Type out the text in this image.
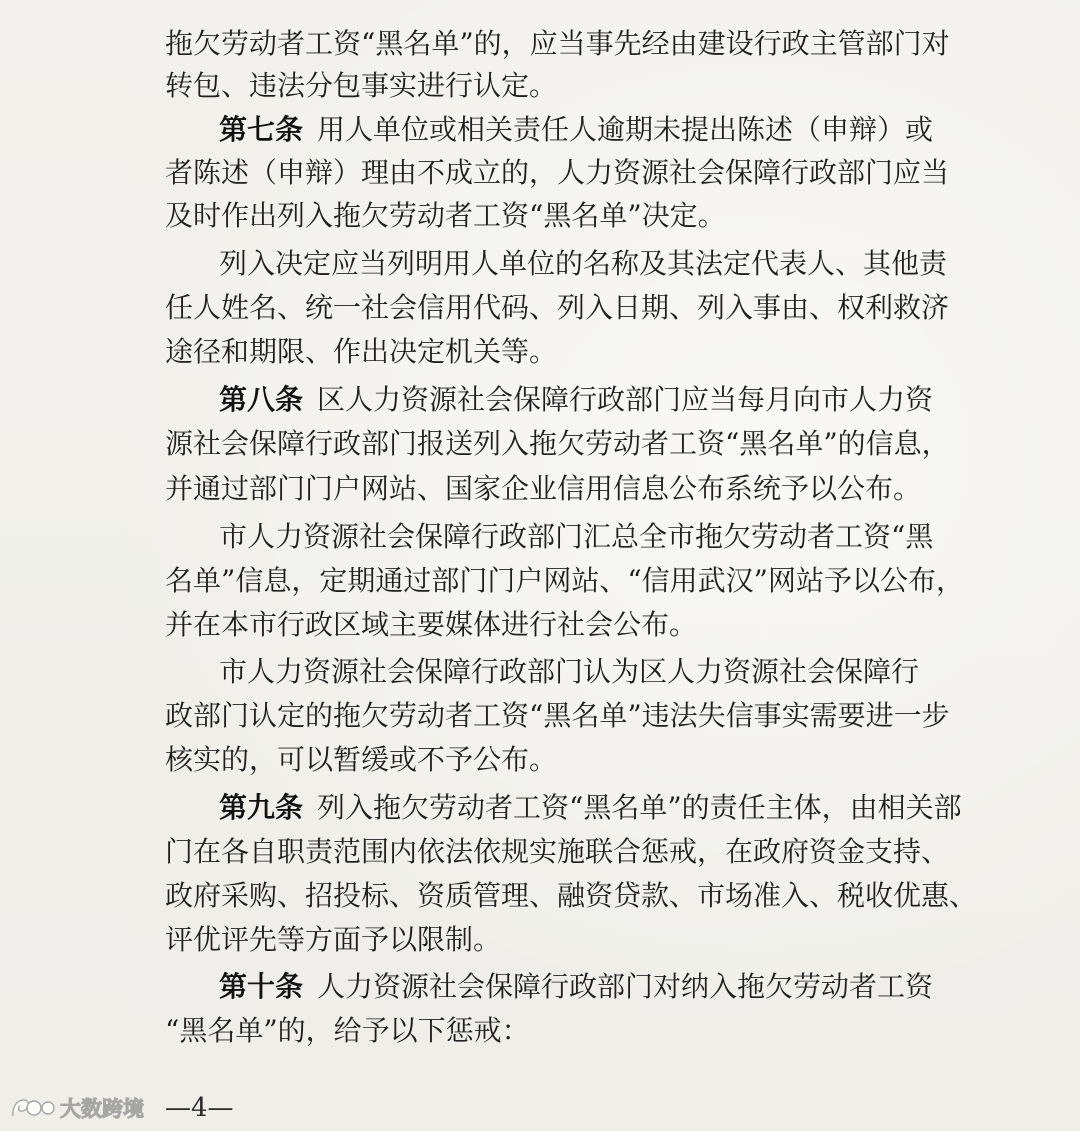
拖欠劳动者工资“黑名单”的，应当事先经由建设行政主管部门对
转包、违法分包事实进行认定。
第七条  用人单位或相关责任人逾期未提出陈述（申辩）或
者陈述（申辩）理由不成立的，人力资源社会保障行政部门应当
及时作出列入拖欠劳动者工资“黑名单”决定。
列入决定应当列明用人单位的名称及其法定代表人、其他责
任人姓名、统一社会信用代码、列入日期、列入事由、权利救济
途径和期限、作出决定机关等。
第八条  区人力资源社会保障行政部门应当每月向市人力资
源社会保障行政部门报送列入拖欠劳动者工资“黑名单”的信息，
并通过部门门户网站、国家企业信用信息公布系统予以公布。
市人力资源社会保障行政部门汇总全市拖欠劳动者工资“黑
名单”信息，定期通过部门门户网站、“信用武汉”网站予以公布，
并在本市行政区域主要媒体进行社会公布。
市人力资源社会保障行政部门认为区人力资源社会保障行
政部门认定的拖欠劳动者工资“黑名单”违法失信事实需要进一步
核实的，可以暂缓或不予公布。
第九条  列入拖欠劳动者工资“黑名单”的责任主体，由相关部
门在各自职责范围内依法依规实施联合惩戒，在政府资金支持、
政府采购、招投标、资质管理、融资贷款、市场准入、税收优惠、
评优评先等方面予以限制。
第十条  人力资源社会保障行政部门对纳入拖欠劳动者工资
“黑名单”的，给予以下惩戒：
—4—
大数跨境
